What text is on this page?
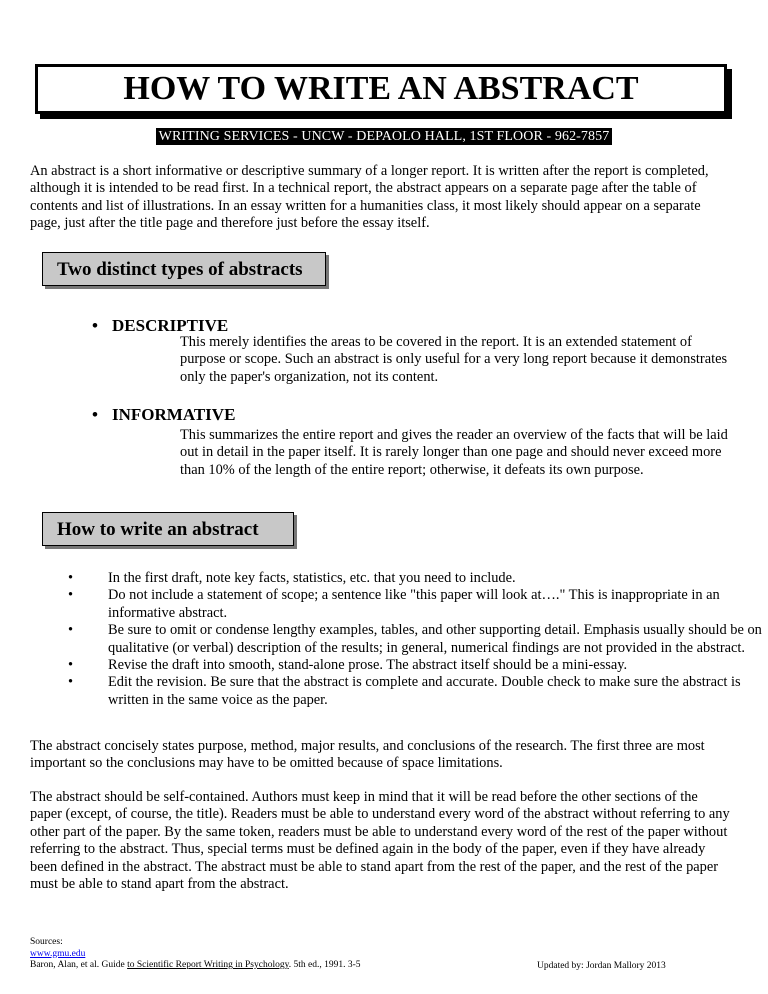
HOW TO WRITE AN ABSTRACT
WRITING SERVICES - UNCW - DEPAOLO HALL, 1ST FLOOR - 962-7857

An abstract is a short informative or descriptive summary of a longer report. It is written after the report is completed, although it is intended to be read first. In a technical report, the abstract appears on a separate page after the table of contents and list of illustrations. In an essay written for a humanities class, it most likely should appear on a separate page, just after the title page and therefore just before the essay itself.

Two distinct types of abstracts
• DESCRIPTIVE

This merely identifies the areas to be covered in the report. It is an extended statement of purpose or scope. Such an abstract is only useful for a very long report because it demonstrates only the paper's organization, not its content.

• INFORMATIVE

This summarizes the entire report and gives the reader an overview of the facts that will be laid out in detail in the paper itself. It is rarely longer than one page and should never exceed more than 10% of the length of the entire report; otherwise, it defeats its own purpose.

How to write an abstract
• In the first draft, note key facts, statistics, etc. that you need to include.
• Do not include a statement of scope; a sentence like "this paper will look at…." This is inappropriate in an informative abstract.
• Be sure to omit or condense lengthy examples, tables, and other supporting detail. Emphasis usually should be on qualitative (or verbal) description of the results; in general, numerical findings are not provided in the abstract.
• Revise the draft into smooth, stand-alone prose. The abstract itself should be a mini-essay.
• Edit the revision. Be sure that the abstract is complete and accurate. Double check to make sure the abstract is written in the same voice as the paper.

The abstract concisely states purpose, method, major results, and conclusions of the research. The first three are most important so the conclusions may have to be omitted because of space limitations.

The abstract should be self-contained. Authors must keep in mind that it will be read before the other sections of the paper (except, of course, the title). Readers must be able to understand every word of the abstract without referring to any other part of the paper. By the same token, readers must be able to understand every word of the rest of the paper without referring to the abstract. Thus, special terms must be defined again in the body of the paper, even if they have already been defined in the abstract. The abstract must be able to stand apart from the rest of the paper, and the rest of the paper must be able to stand apart from the abstract.

Sources:
www.gmu.edu
Baron, Alan, et al. Guide to Scientific Report Writing in Psychology. 5th ed., 1991. 3-5	Updated by: Jordan Mallory 2013
